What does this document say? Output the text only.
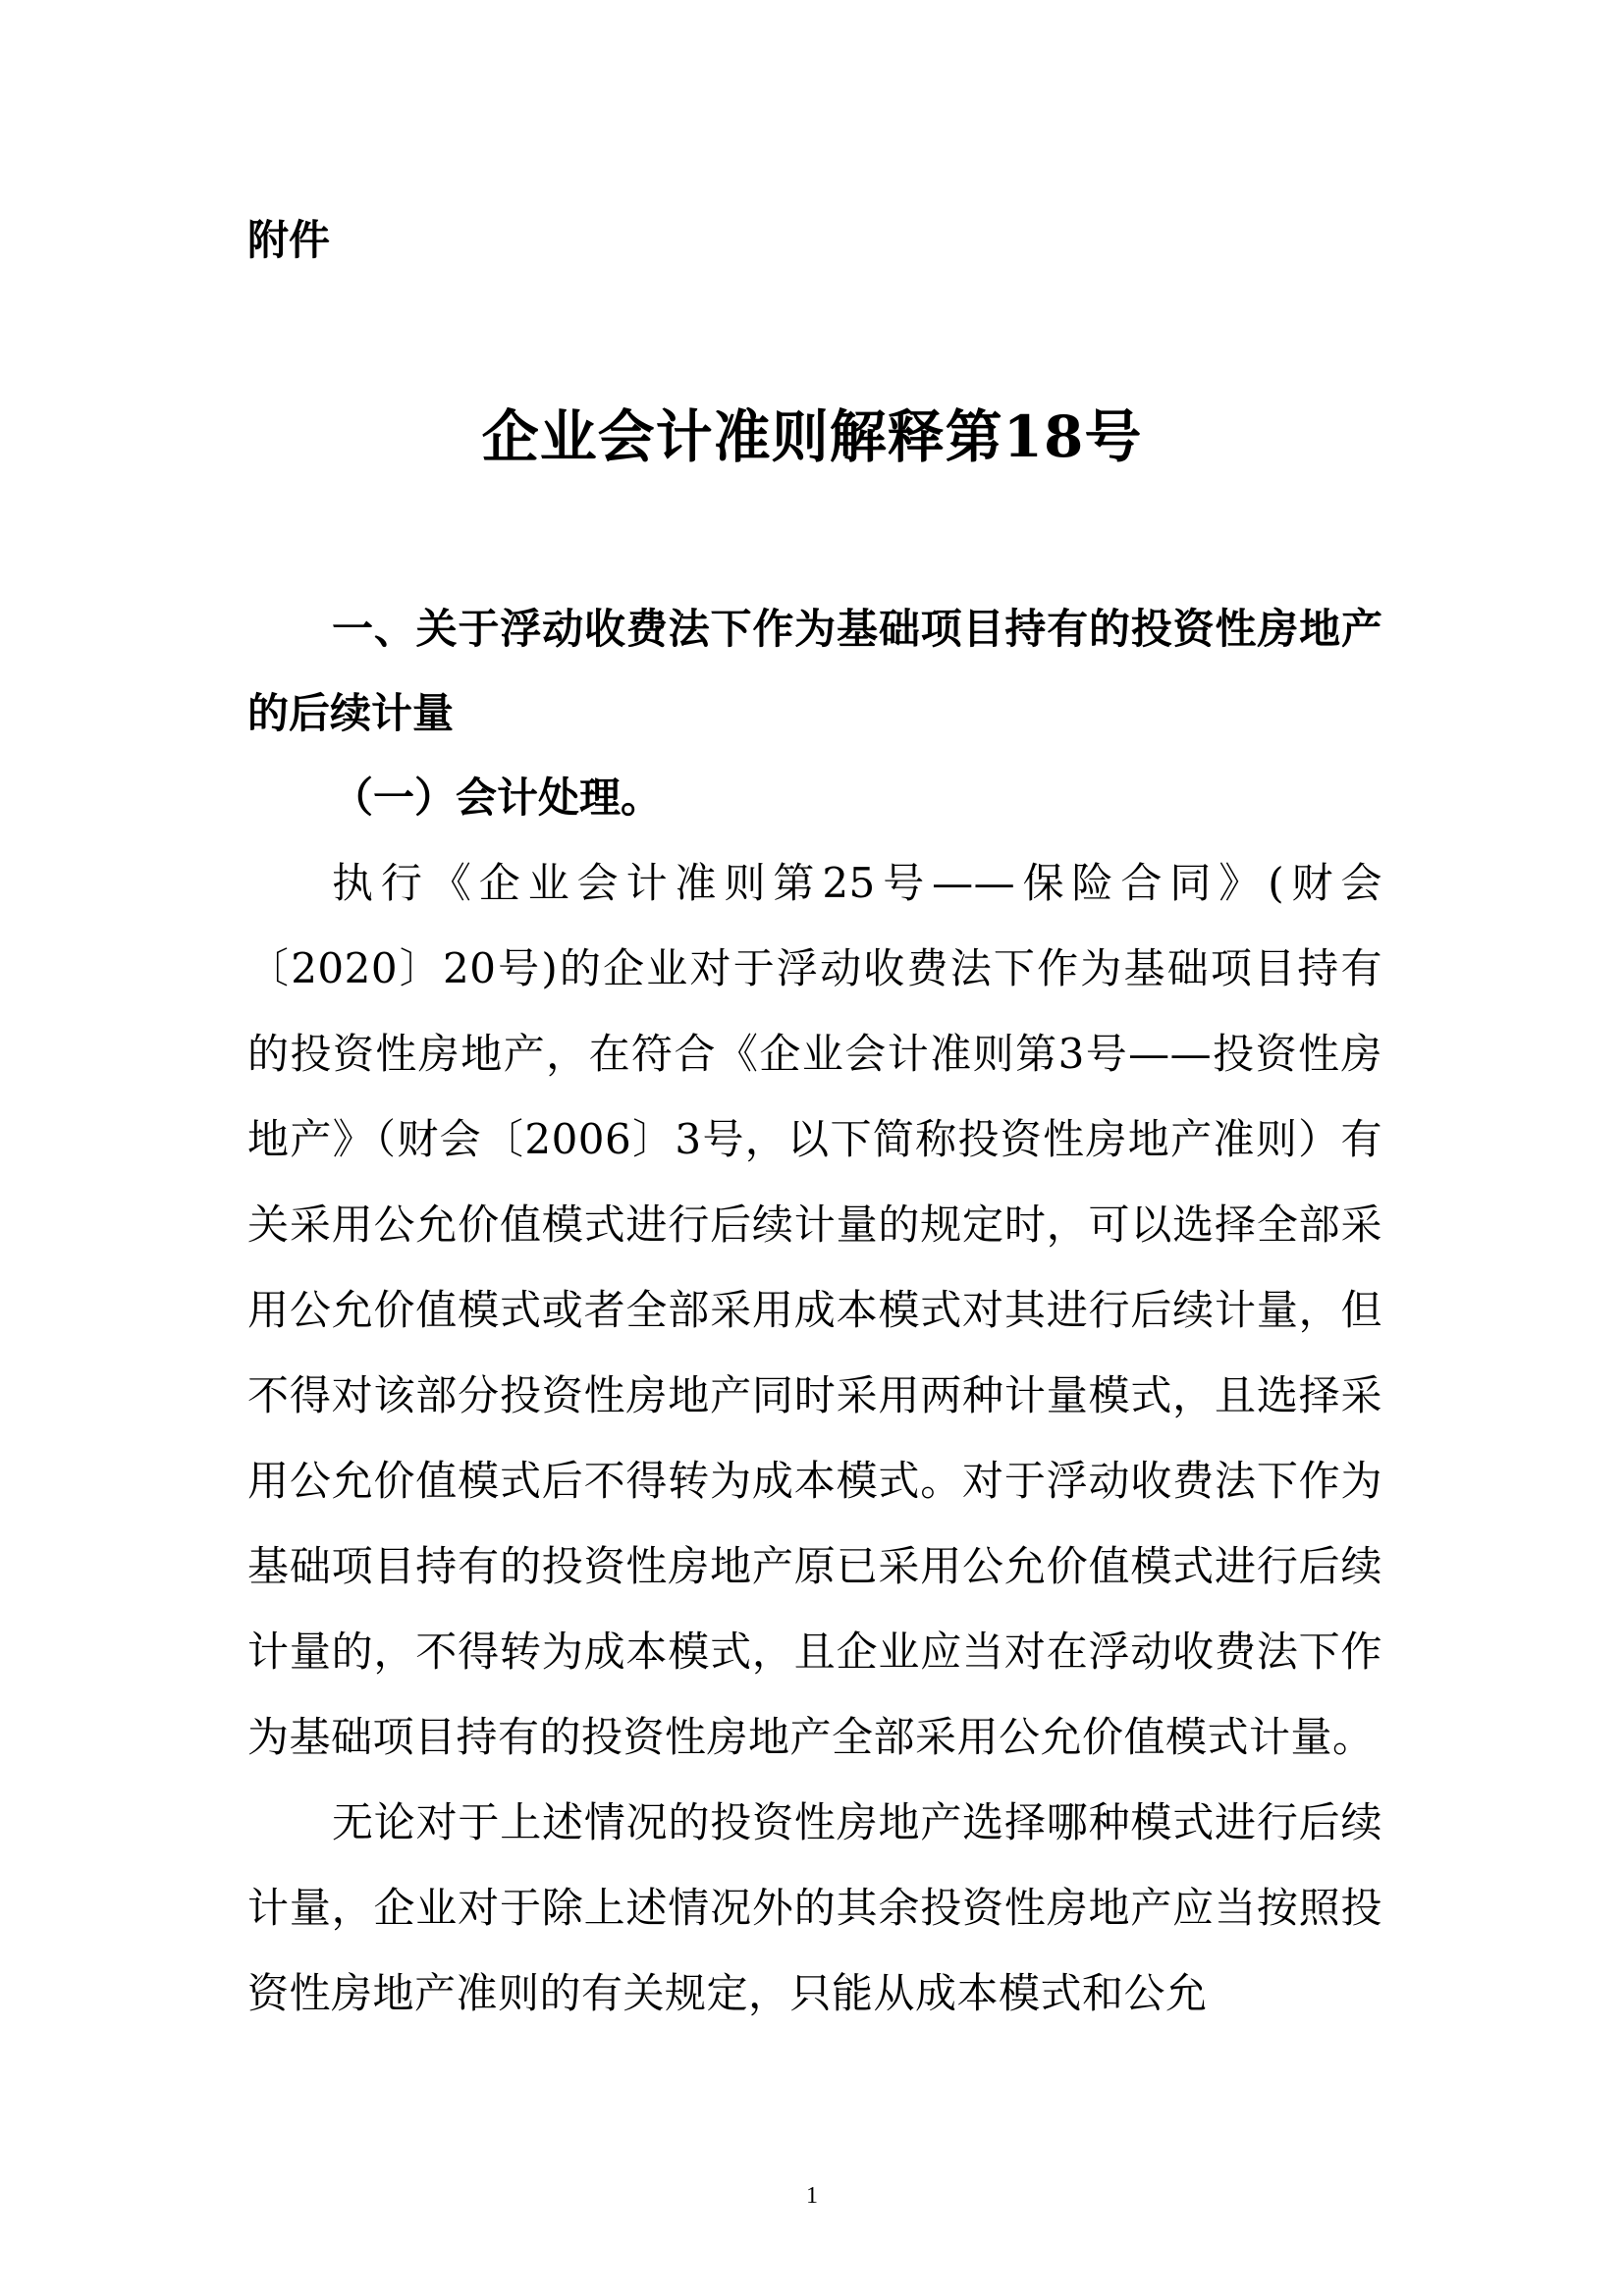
附件
企业会计准则解释第18号

一、关于浮动收费法下作为基础项目持有的投资性房地产的后续计量

（一）会计处理。

执行《企业会计准则第25号——保险合同》(财会〔2020〕20号)的企业对于浮动收费法下作为基础项目持有的投资性房地产，在符合《企业会计准则第3号——投资性房地产》（财会〔2006〕3号，以下简称投资性房地产准则）有关采用公允价值模式进行后续计量的规定时，可以选择全部采用公允价值模式或者全部采用成本模式对其进行后续计量，但不得对该部分投资性房地产同时采用两种计量模式，且选择采用公允价值模式后不得转为成本模式。对于浮动收费法下作为基础项目持有的投资性房地产原已采用公允价值模式进行后续计量的，不得转为成本模式，且企业应当对在浮动收费法下作为基础项目持有的投资性房地产全部采用公允价值模式计量。

无论对于上述情况的投资性房地产选择哪种模式进行后续计量，企业对于除上述情况外的其余投资性房地产应当按照投资性房地产准则的有关规定，只能从成本模式和公允

1
